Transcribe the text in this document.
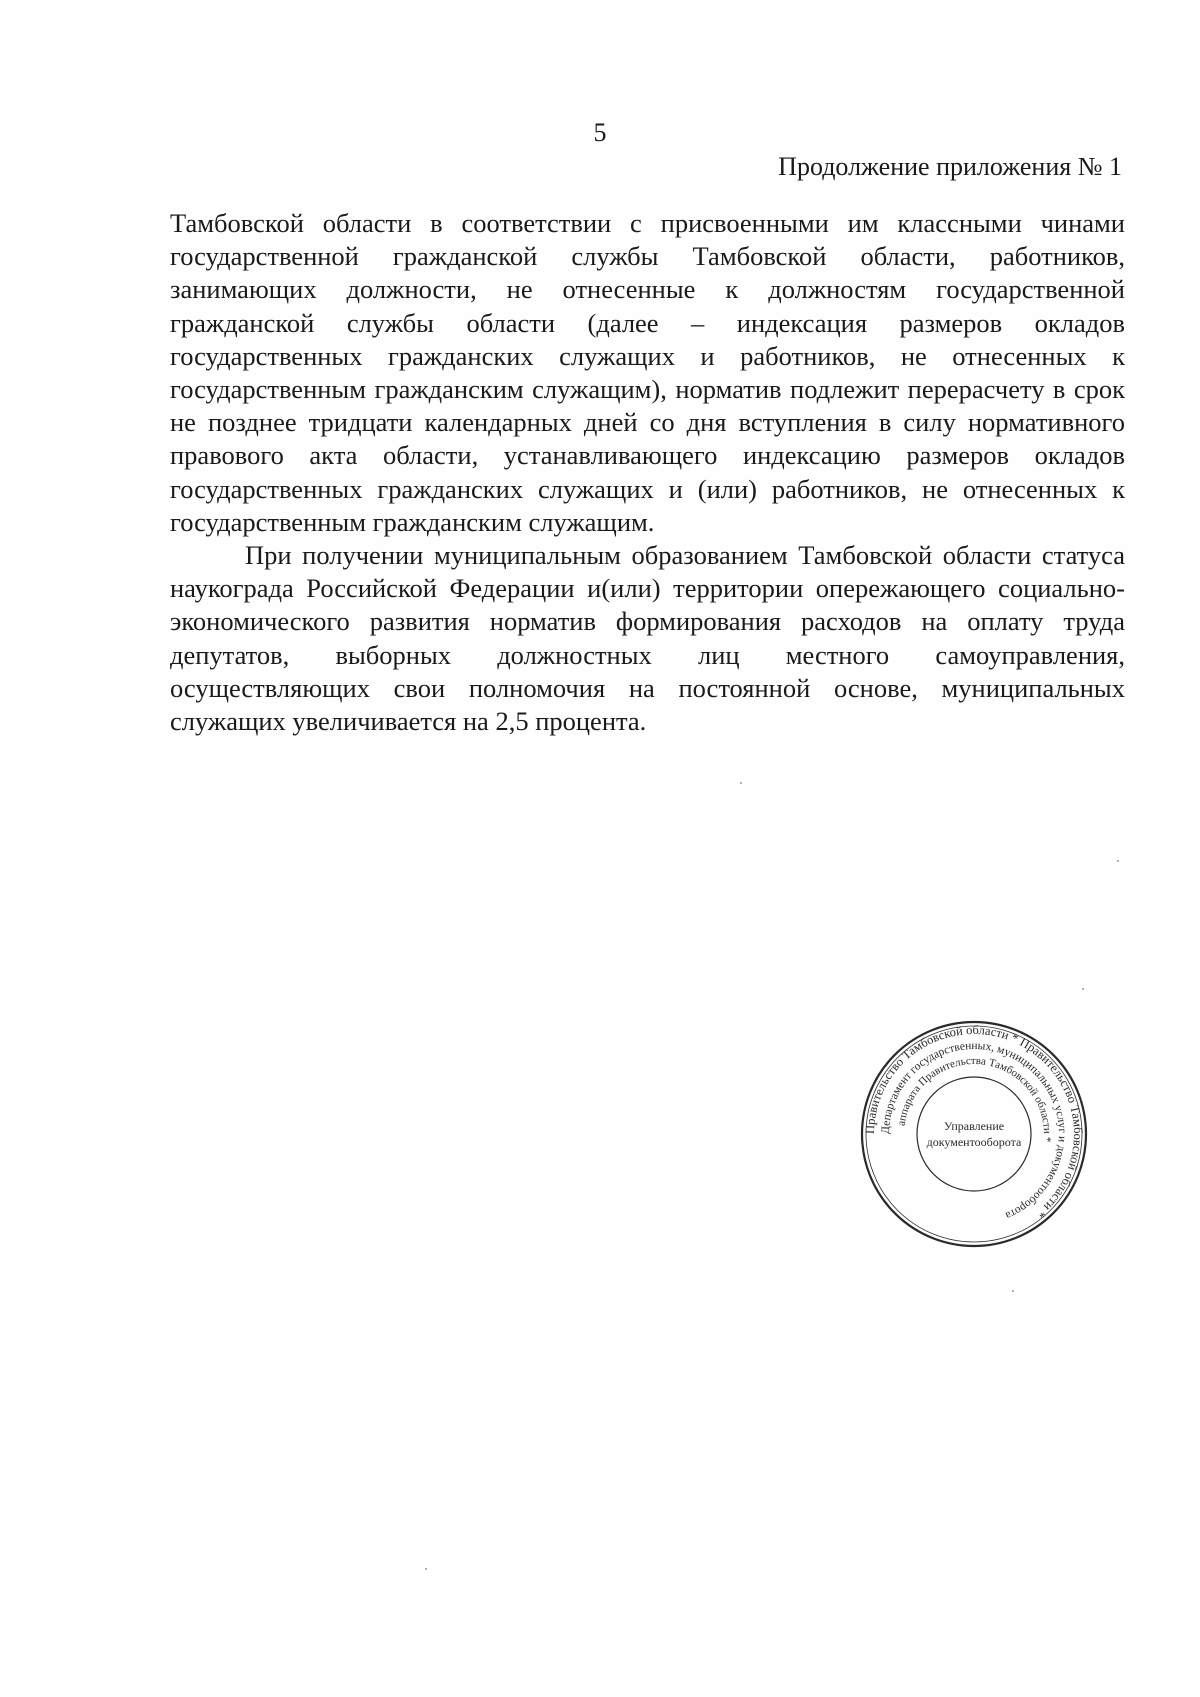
5
Продолжение приложения № 1

Тамбовской области в соответствии с присвоенными им классными чинами государственной гражданской службы Тамбовской области, работников, занимающих должности, не отнесенные к должностям государственной гражданской службы области (далее – индексация размеров окладов государственных гражданских служащих и работников, не отнесенных к государственным гражданским служащим), норматив подлежит перерасчету в срок не позднее тридцати календарных дней со дня вступления в силу нормативного правового акта области, устанавливающего индексацию размеров окладов государственных гражданских служащих и (или) работников, не отнесенных к государственным гражданским служащим.

При получении муниципальным образованием Тамбовской области статуса наукограда Российской Федерации и(или) территории опережающего социально-экономического развития норматив формирования расходов на оплату труда депутатов, выборных должностных лиц местного самоуправления, осуществляющих свои полномочия на постоянной основе, муниципальных служащих увеличивается на 2,5 процента.

Правительство Тамбовской области * Правительство Тамбовской области *
Департамент государственных, муниципальных услуг и документооборота
аппарата Правительства Тамбовской области *
Управление
документооборота
